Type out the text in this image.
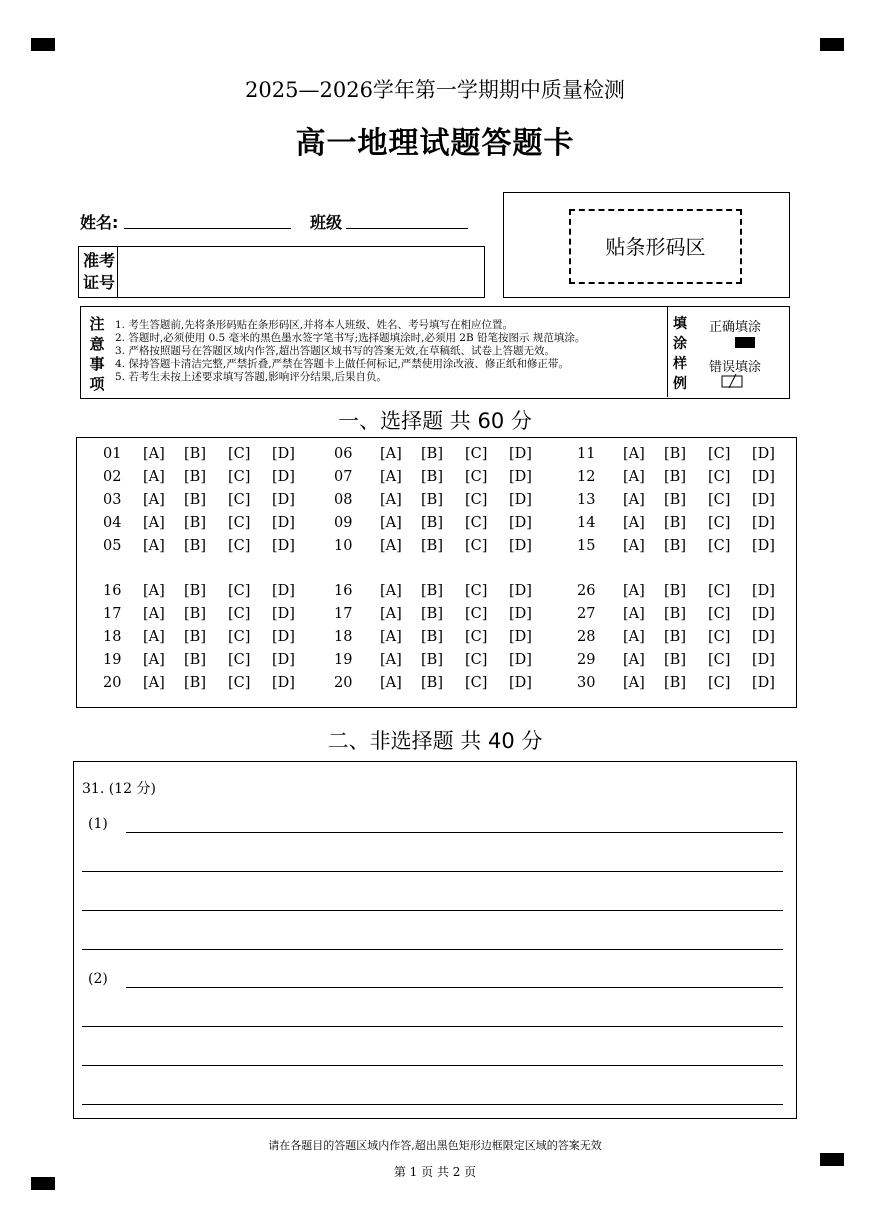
2025—2026学年第一学期期中质量检测
高一地理试题答题卡
姓名:	班级
准考
证号
贴条形码区
注
意
事
项
1. 考生答题前,先将条形码贴在条形码区,并将本人班级、姓名、考号填写在相应位置。
2. 答题时,必须使用 0.5 毫米的黑色墨水签字笔书写;选择题填涂时,必须用 2B 铅笔按图示 规范填涂。
3. 严格按照题号在答题区域内作答,超出答题区域书写的答案无效,在草稿纸、试卷上答题无效。
4. 保持答题卡清洁完整,严禁折叠,严禁在答题卡上做任何标记,严禁使用涂改液、修正纸和修正带。
5. 若考生未按上述要求填写答题,影响评分结果,后果自负。
填
涂
样
例
正确填涂
错误填涂
一、选择题 共 60 分
01 [A] [B] [C] [D]	06 [A] [B] [C] [D]	11 [A] [B] [C] [D]
02 [A] [B] [C] [D]	07 [A] [B] [C] [D]	12 [A] [B] [C] [D]
03 [A] [B] [C] [D]	08 [A] [B] [C] [D]	13 [A] [B] [C] [D]
04 [A] [B] [C] [D]	09 [A] [B] [C] [D]	14 [A] [B] [C] [D]
05 [A] [B] [C] [D]	10 [A] [B] [C] [D]	15 [A] [B] [C] [D]
16 [A] [B] [C] [D]	16 [A] [B] [C] [D]	26 [A] [B] [C] [D]
17 [A] [B] [C] [D]	17 [A] [B] [C] [D]	27 [A] [B] [C] [D]
18 [A] [B] [C] [D]	18 [A] [B] [C] [D]	28 [A] [B] [C] [D]
19 [A] [B] [C] [D]	19 [A] [B] [C] [D]	29 [A] [B] [C] [D]
20 [A] [B] [C] [D]	20 [A] [B] [C] [D]	30 [A] [B] [C] [D]
二、非选择题 共 40 分
31. (12 分)
(1)
(2)
请在各题目的答题区域内作答,超出黑色矩形边框限定区域的答案无效
第 1 页 共 2 页
